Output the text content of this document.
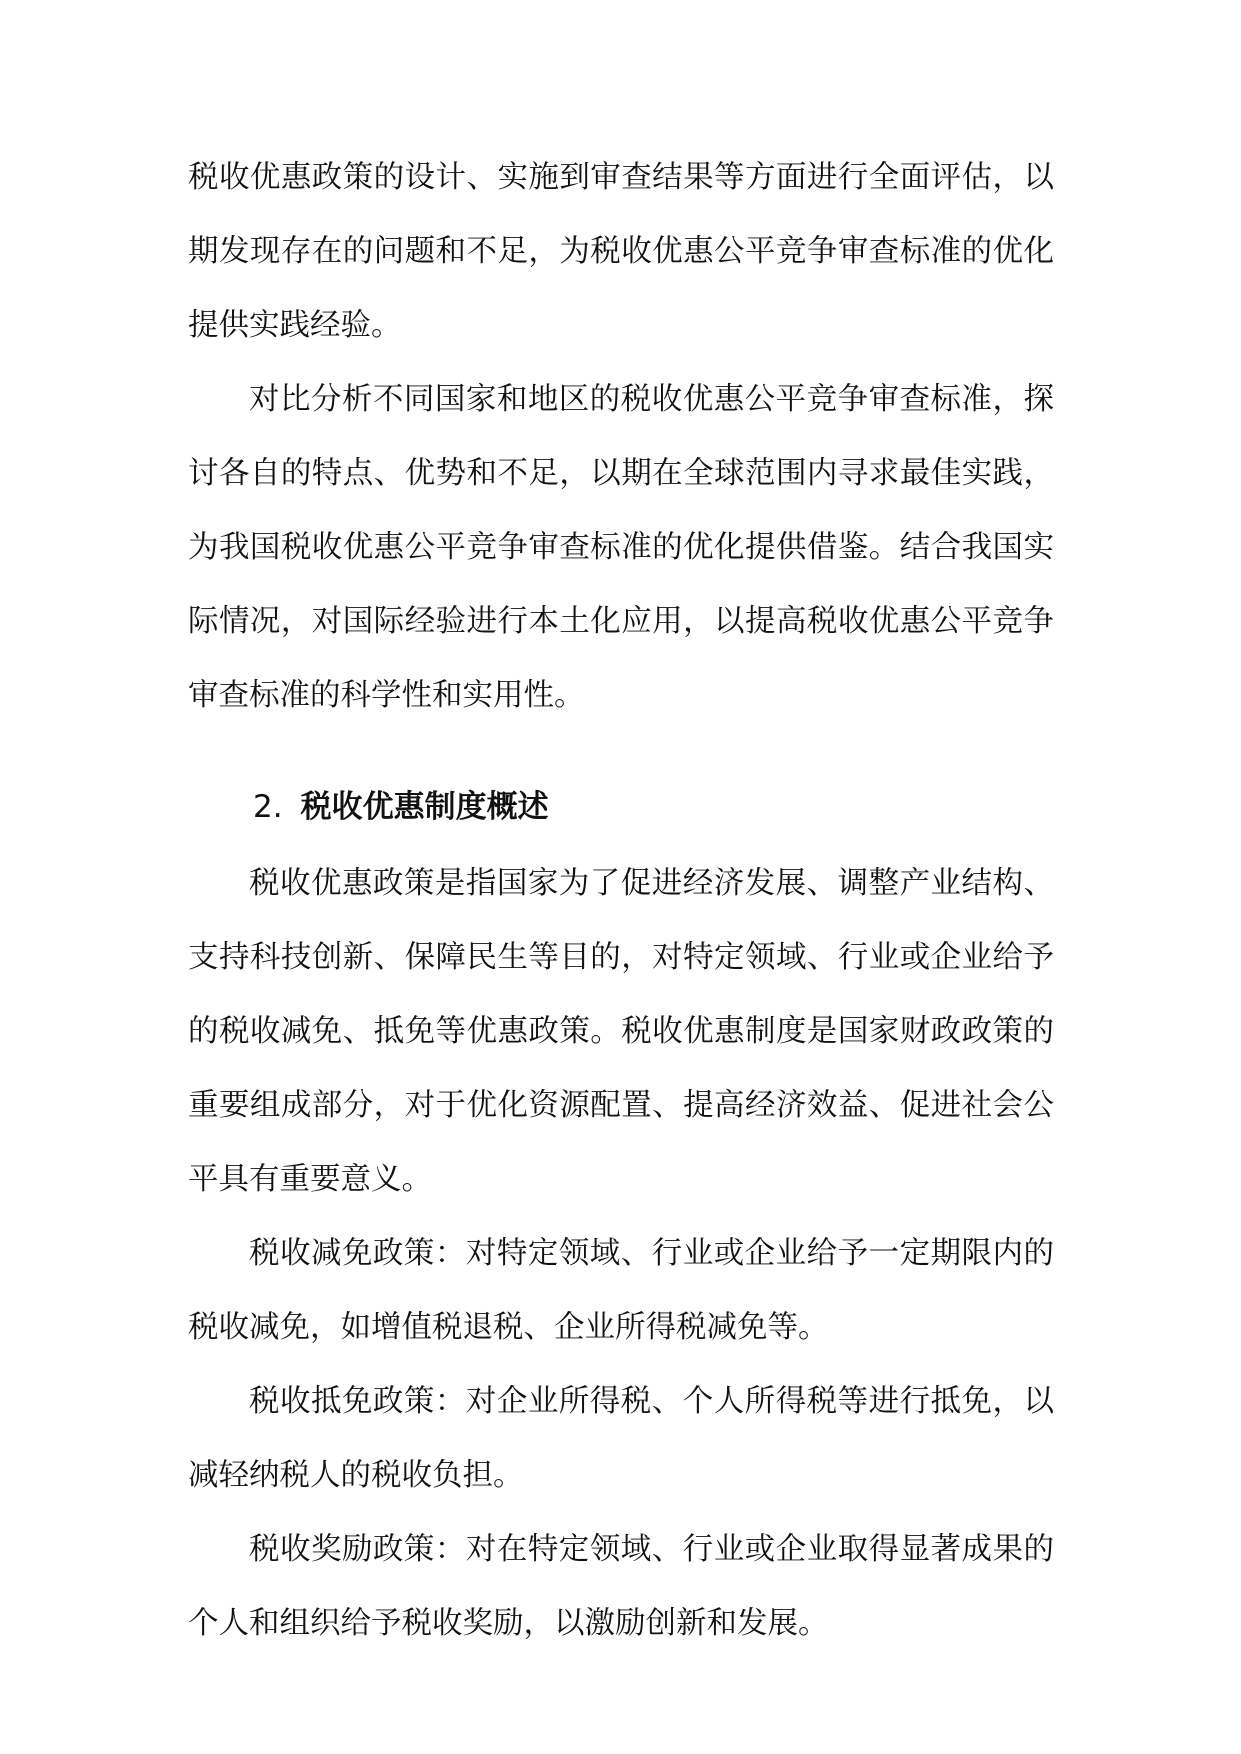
税收优惠政策的设计、实施到审查结果等方面进行全面评估，以期发现存在的问题和不足，为税收优惠公平竞争审查标准的优化提供实践经验。

对比分析不同国家和地区的税收优惠公平竞争审查标准，探讨各自的特点、优势和不足，以期在全球范围内寻求最佳实践，为我国税收优惠公平竞争审查标准的优化提供借鉴。结合我国实际情况，对国际经验进行本土化应用，以提高税收优惠公平竞争审查标准的科学性和实用性。

2. 税收优惠制度概述

税收优惠政策是指国家为了促进经济发展、调整产业结构、支持科技创新、保障民生等目的，对特定领域、行业或企业给予的税收减免、抵免等优惠政策。税收优惠制度是国家财政政策的重要组成部分，对于优化资源配置、提高经济效益、促进社会公平具有重要意义。

税收减免政策：对特定领域、行业或企业给予一定期限内的税收减免，如增值税退税、企业所得税减免等。

税收抵免政策：对企业所得税、个人所得税等进行抵免，以减轻纳税人的税收负担。

税收奖励政策：对在特定领域、行业或企业取得显著成果的个人和组织给予税收奖励，以激励创新和发展。
